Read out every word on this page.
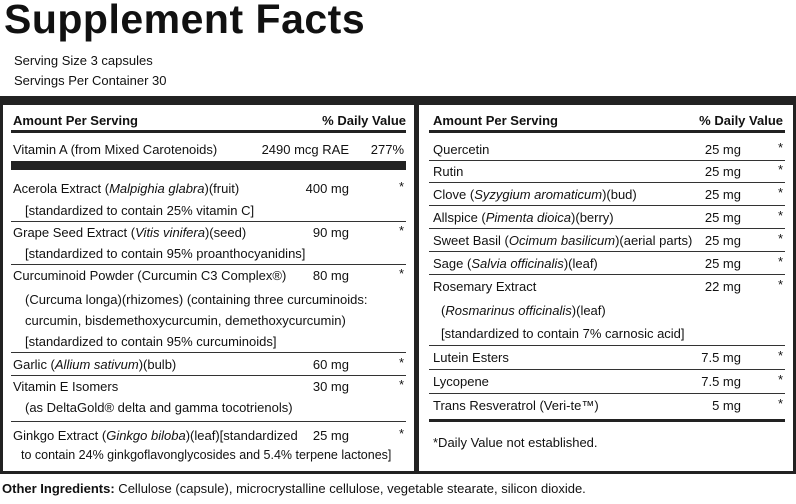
Supplement Facts
Serving Size 3 capsules
Servings Per Container 30
Amount Per Serving	% Daily Value
Vitamin A (from Mixed Carotenoids)	2490 mcg RAE 277%
Acerola Extract (Malpighia glabra)(fruit)	400 mg	*
[standardized to contain 25% vitamin C]
Grape Seed Extract (Vitis vinifera)(seed)	90 mg	*
[standardized to contain 95% proanthocyanidins]
Curcuminoid Powder (Curcumin C3 Complex®) 80 mg	*
(Curcuma longa)(rhizomes) (containing three curcuminoids:
curcumin, bisdemethoxycurcumin, demethoxycurcumin)
[standardized to contain 95% curcuminoids]
Garlic (Allium sativum)(bulb)	60 mg	*
Vitamin E Isomers	30 mg	*
(as DeltaGold® delta and gamma tocotrienols)
Ginkgo Extract (Ginkgo biloba)(leaf)[standardized 25 mg	*
to contain 24% ginkgoflavonglycosides and 5.4% terpene lactones]
Amount Per Serving	% Daily Value
Quercetin	25 mg	*
Rutin	25 mg	*
Clove (Syzygium aromaticum)(bud)	25 mg	*
Allspice (Pimenta dioica)(berry)	25 mg	*
Sweet Basil (Ocimum basilicum)(aerial parts) 25 mg	*
Sage (Salvia officinalis)(leaf)	25 mg	*
Rosemary Extract	22 mg	*
(Rosmarinus officinalis)(leaf)
[standardized to contain 7% carnosic acid]
Lutein Esters	7.5 mg	*
Lycopene	7.5 mg	*
Trans Resveratrol (Veri-te™)	5 mg	*
*Daily Value not established.
Other Ingredients: Cellulose (capsule), microcrystalline cellulose, vegetable stearate, silicon dioxide.
